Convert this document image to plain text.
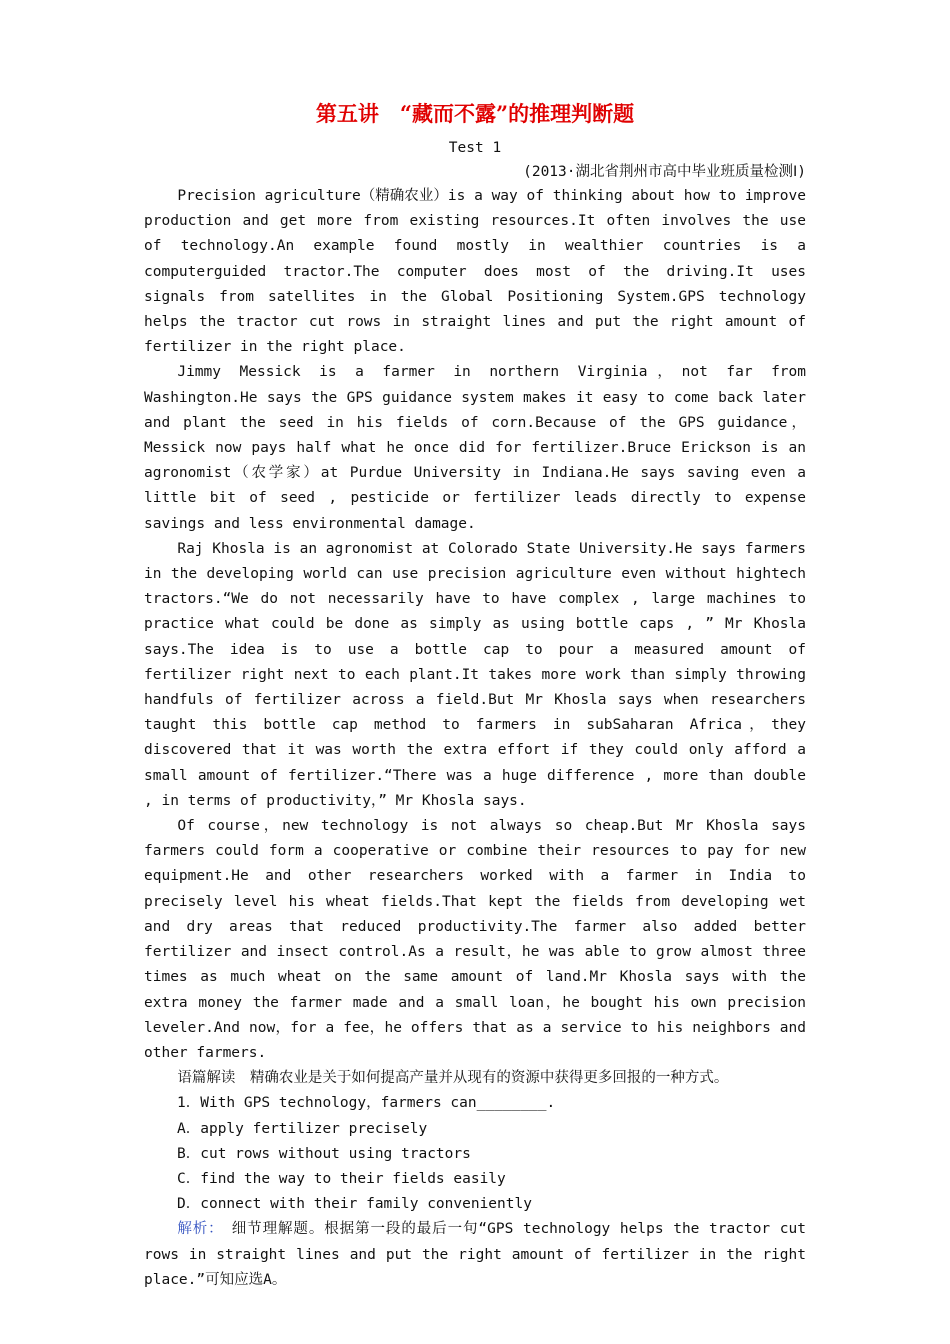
第五讲　“藏而不露”的推理判断题
Test 1
(2013·湖北省荆州市高中毕业班质量检测Ⅰ)

Precision agriculture（精确农业）is a way of thinking about how to improve production and get more from existing resources.It often involves the use of technology.An example found mostly in wealthier countries is a computerguided tractor.The computer does most of the driving.It uses signals from satellites in the Global Positioning System.GPS technology helps the tractor cut rows in straight lines and put the right amount of fertilizer in the right place.

Jimmy Messick is a farmer in northern Virginia，not far from Washington.He says the GPS guidance system makes it easy to come back later and plant the seed in his fields of corn.Because of the GPS guidance，Messick now pays half what he once did for fertilizer.Bruce Erickson is an agronomist（农学家）at Purdue University in Indiana.He says saving even a little bit of seed , pesticide or fertilizer leads directly to expense savings and less environmental damage.

Raj Khosla is an agronomist at Colorado State University.He says farmers in the developing world can use precision agriculture even without hightech tractors.“We do not necessarily have to have complex , large machines to practice what could be done as simply as using bottle caps , ” Mr Khosla says.The idea is to use a bottle cap to pour a measured amount of fertilizer right next to each plant.It takes more work than simply throwing handfuls of fertilizer across a field.But Mr Khosla says when researchers taught this bottle cap method to farmers in subSaharan Africa，they discovered that it was worth the extra effort if they could only afford a small amount of fertilizer.“There was a huge difference , more than double , in terms of productivity，” Mr Khosla says.

Of course，new technology is not always so cheap.But Mr Khosla says farmers could form a cooperative or combine their resources to pay for new equipment.He and other researchers worked with a farmer in India to precisely level his wheat fields.That kept the fields from developing wet and dry areas that reduced productivity.The farmer also added better fertilizer and insect control.As a result，he was able to grow almost three times as much wheat on the same amount of land.Mr Khosla says with the extra money the farmer made and a small loan，he bought his own precision leveler.And now，for a fee，he offers that as a service to his neighbors and other farmers.

语篇解读　精确农业是关于如何提高产量并从现有的资源中获得更多回报的一种方式。

1．With GPS technology，farmers can________.

A．apply fertilizer precisely

B．cut rows without using tractors

C．find the way to their fields easily

D．connect with their family conveniently

解析：　细节理解题。根据第一段的最后一句“GPS technology helps the tractor cut rows in straight lines and put the right amount of fertilizer in the right place.”可知应选A。
